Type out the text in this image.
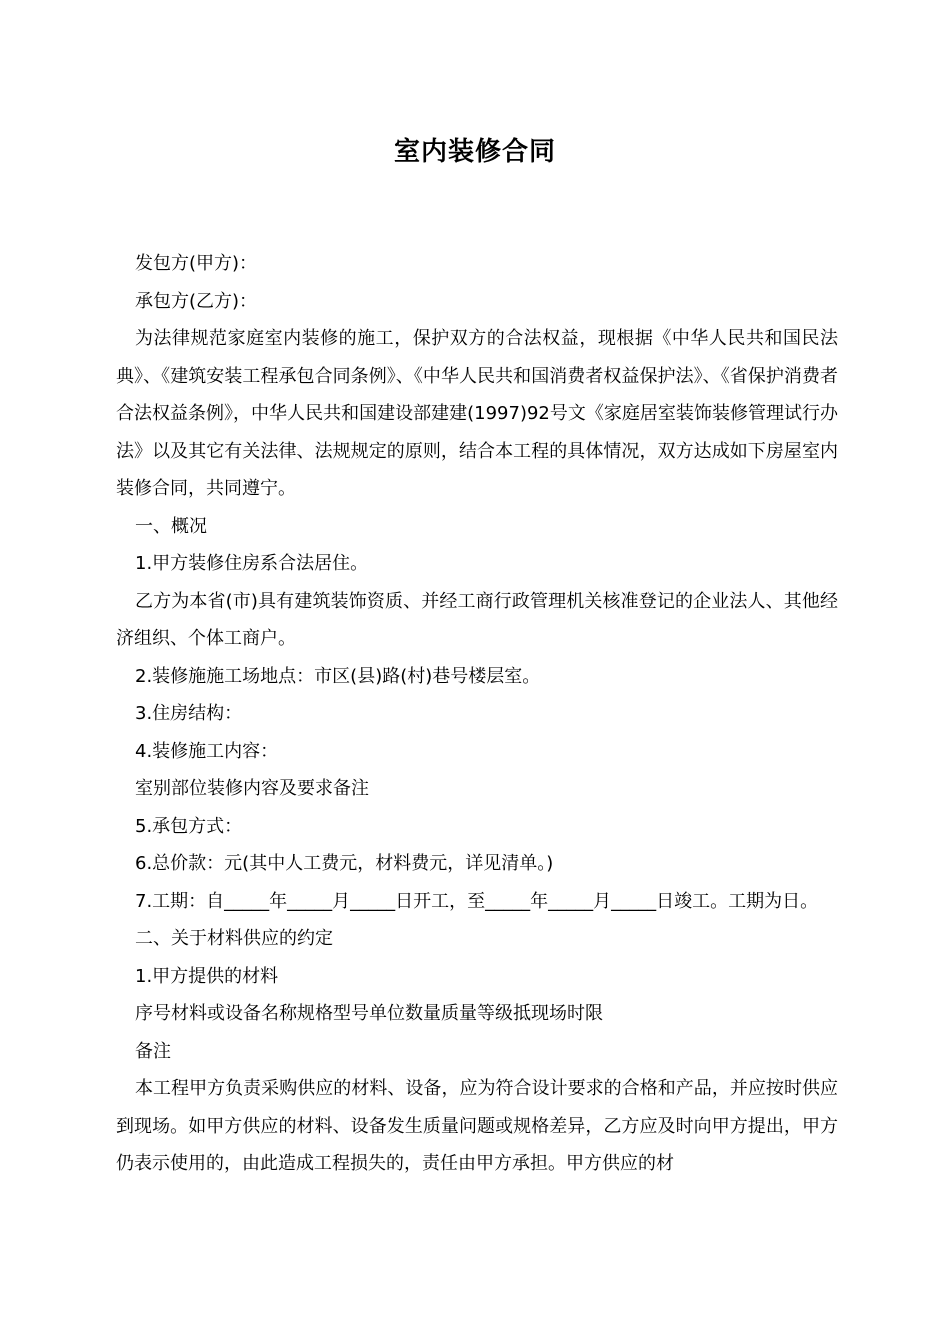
室内装修合同

发包方(甲方)：

承包方(乙方)：

为法律规范家庭室内装修的施工，保护双方的合法权益，现根据《中华人民共和国民法典》、《建筑安装工程承包合同条例》、《中华人民共和国消费者权益保护法》、《省保护消费者合法权益条例》，中华人民共和国建设部建建(1997)92号文《家庭居室装饰装修管理试行办法》以及其它有关法律、法规规定的原则，结合本工程的具体情况，双方达成如下房屋室内装修合同，共同遵宁。

一、概况

1.甲方装修住房系合法居住。

乙方为本省(市)具有建筑装饰资质、并经工商行政管理机关核准登记的企业法人、其他经济组织、个体工商户。

2.装修施施工场地点：市区(县)路(村)巷号楼层室。

3.住房结构：

4.装修施工内容：

室别部位装修内容及要求备注

5.承包方式：

6.总价款：元(其中人工费元，材料费元，详见清单。)

7.工期：自_____年_____月_____日开工，至_____年_____月_____日竣工。工期为日。

二、关于材料供应的约定

1.甲方提供的材料

序号材料或设备名称规格型号单位数量质量等级抵现场时限

备注

本工程甲方负责采购供应的材料、设备，应为符合设计要求的合格和产品，并应按时供应到现场。如甲方供应的材料、设备发生质量问题或规格差异，乙方应及时向甲方提出，甲方仍表示使用的，由此造成工程损失的，责任由甲方承担。甲方供应的材
